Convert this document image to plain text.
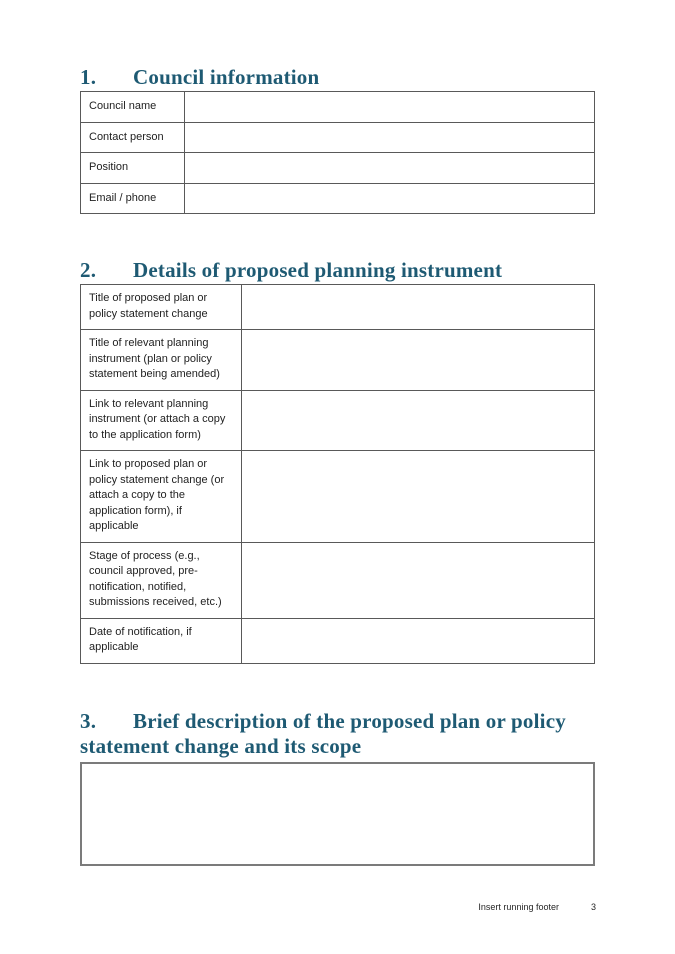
1. Council information
Council name	
Contact person	
Position	
Email / phone	
2. Details of proposed planning instrument
Title of proposed plan or policy statement change	
Title of relevant planning instrument (plan or policy statement being amended)	
Link to relevant planning instrument (or attach a copy to the application form)	
Link to proposed plan or policy statement change (or attach a copy to the application form), if applicable	
Stage of process (e.g., council approved, pre-notification, notified, submissions received, etc.)	
Date of notification, if applicable	
3. Brief description of the proposed plan or policy statement change and its scope
Insert running footer	3
